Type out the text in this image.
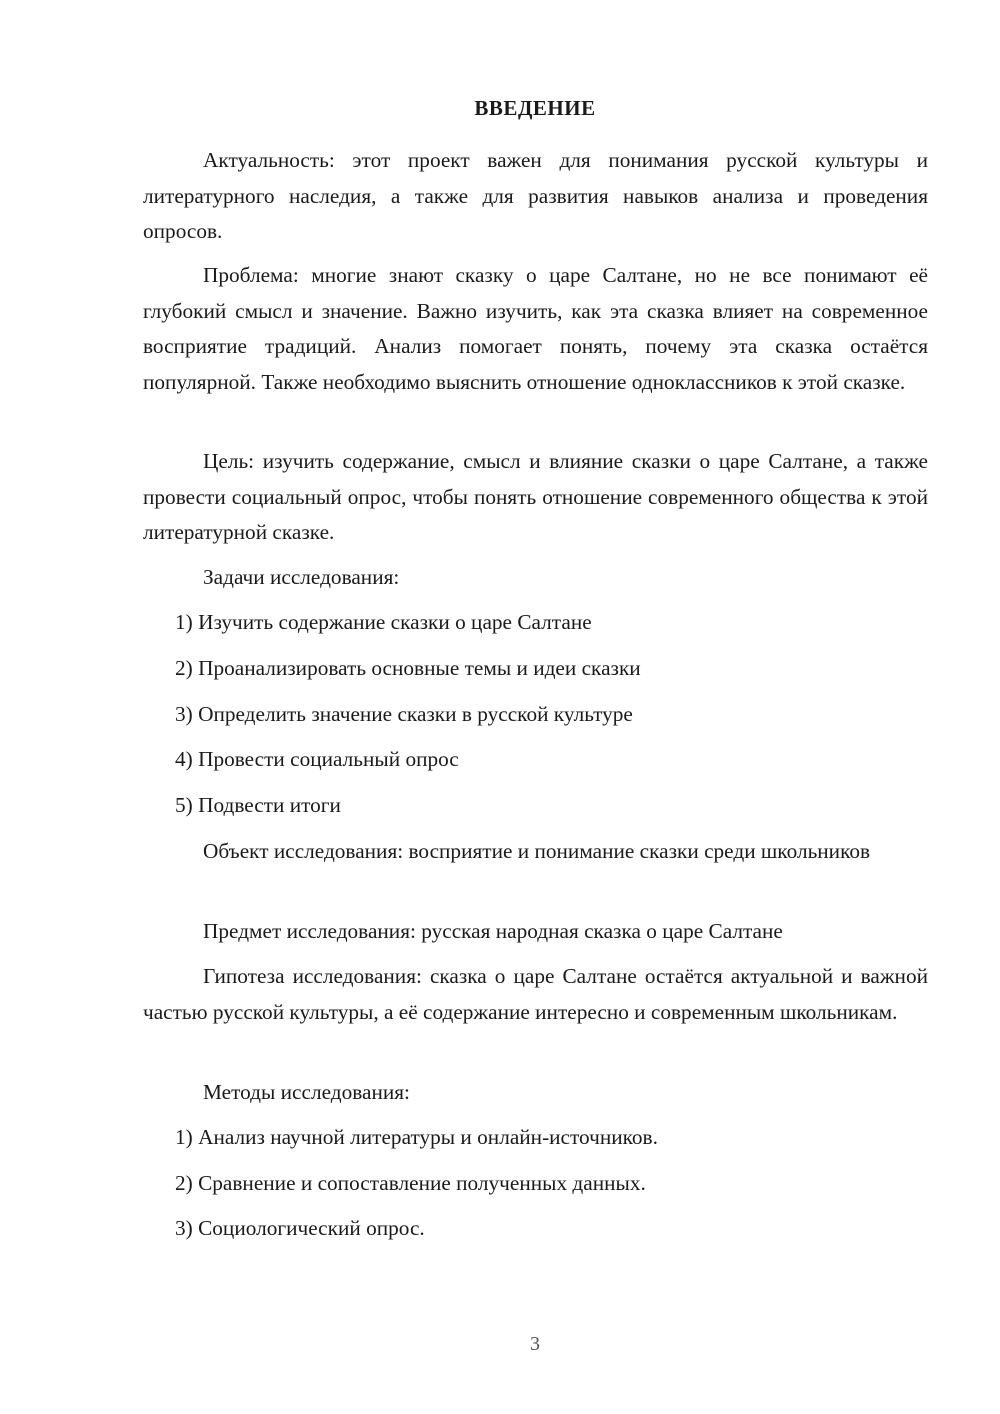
ВВЕДЕНИЕ

Актуальность: этот проект важен для понимания русской культуры и литературного наследия, а также для развития навыков анализа и проведения опросов.

Проблема: многие знают сказку о царе Салтане, но не все понимают её глубокий смысл и значение. Важно изучить, как эта сказка влияет на современное восприятие традиций. Анализ помогает понять, почему эта сказка остаётся популярной. Также необходимо выяснить отношение одноклассников к этой сказке.

Цель: изучить содержание, смысл и влияние сказки о царе Салтане, а также провести социальный опрос, чтобы понять отношение современного общества к этой литературной сказке.

Задачи исследования:

1) Изучить содержание сказки о царе Салтане

2) Проанализировать основные темы и идеи сказки

3) Определить значение сказки в русской культуре

4) Провести социальный опрос

5) Подвести итоги

Объект исследования: восприятие и понимание сказки среди школьников

Предмет исследования: русская народная сказка о царе Салтане

Гипотеза исследования: сказка о царе Салтане остаётся актуальной и важной частью русской культуры, а её содержание интересно и современным школьникам.

Методы исследования:

1) Анализ научной литературы и онлайн-источников.

2) Сравнение и сопоставление полученных данных.

3) Социологический опрос.

3
